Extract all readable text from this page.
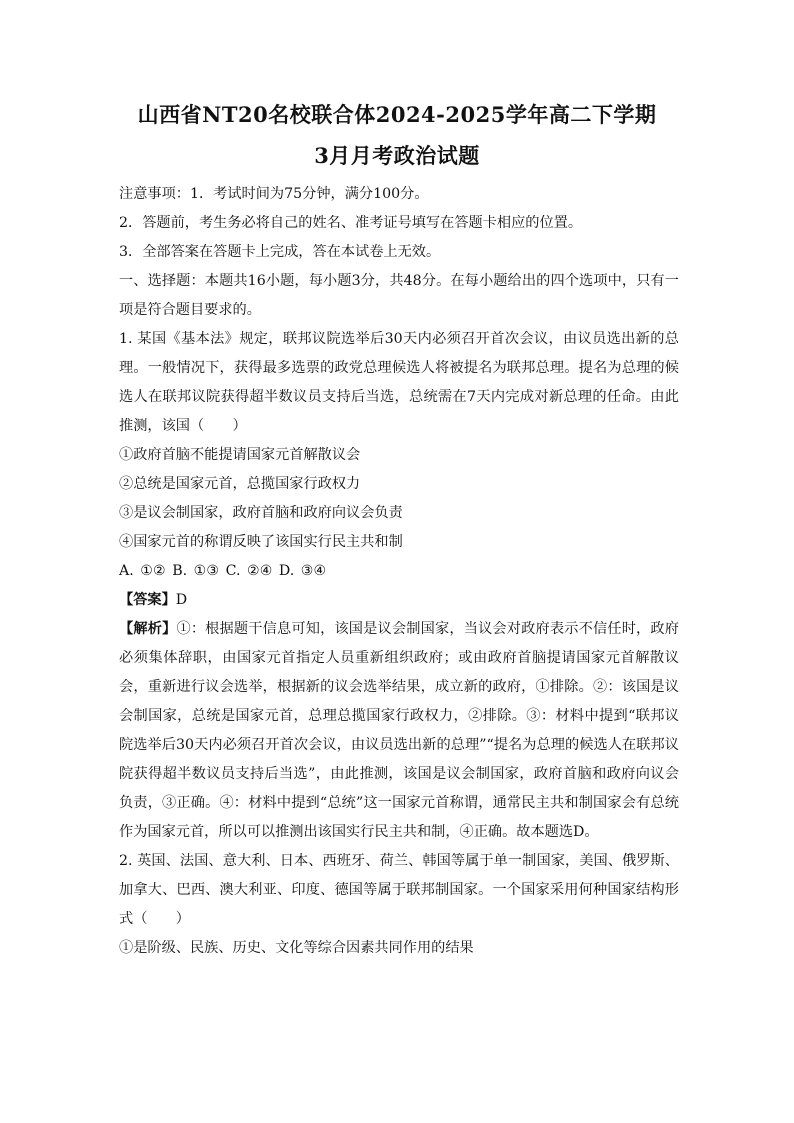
山西省NT20名校联合体2024-2025学年高二下学期
3月月考政治试题

注意事项：1．考试时间为75分钟，满分100分。

2．答题前，考生务必将自己的姓名、准考证号填写在答题卡相应的位置。

3．全部答案在答题卡上完成，答在本试卷上无效。

一、选择题：本题共16小题，每小题3分，共48分。在每小题给出的四个选项中，只有一项是符合题目要求的。

1. 某国《基本法》规定，联邦议院选举后30天内必须召开首次会议，由议员选出新的总理。一般情况下，获得最多选票的政党总理候选人将被提名为联邦总理。提名为总理的候选人在联邦议院获得超半数议员支持后当选，总统需在7天内完成对新总理的任命。由此推测，该国（　　）

①政府首脑不能提请国家元首解散议会

②总统是国家元首，总揽国家行政权力

③是议会制国家，政府首脑和政府向议会负责

④国家元首的称谓反映了该国实行民主共和制

A. ①② B. ①③ C. ②④ D. ③④

【答案】D

【解析】①：根据题干信息可知，该国是议会制国家，当议会对政府表示不信任时，政府必须集体辞职，由国家元首指定人员重新组织政府；或由政府首脑提请国家元首解散议会，重新进行议会选举，根据新的议会选举结果，成立新的政府，①排除。②：该国是议会制国家，总统是国家元首，总理总揽国家行政权力，②排除。③：材料中提到“联邦议院选举后30天内必须召开首次会议，由议员选出新的总理”“提名为总理的候选人在联邦议院获得超半数议员支持后当选”，由此推测，该国是议会制国家，政府首脑和政府向议会负责，③正确。④：材料中提到“总统”这一国家元首称谓，通常民主共和制国家会有总统作为国家元首，所以可以推测出该国实行民主共和制，④正确。故本题选D。

2. 英国、法国、意大利、日本、西班牙、荷兰、韩国等属于单一制国家，美国、俄罗斯、加拿大、巴西、澳大利亚、印度、德国等属于联邦制国家。一个国家采用何种国家结构形式（　　）

①是阶级、民族、历史、文化等综合因素共同作用的结果
